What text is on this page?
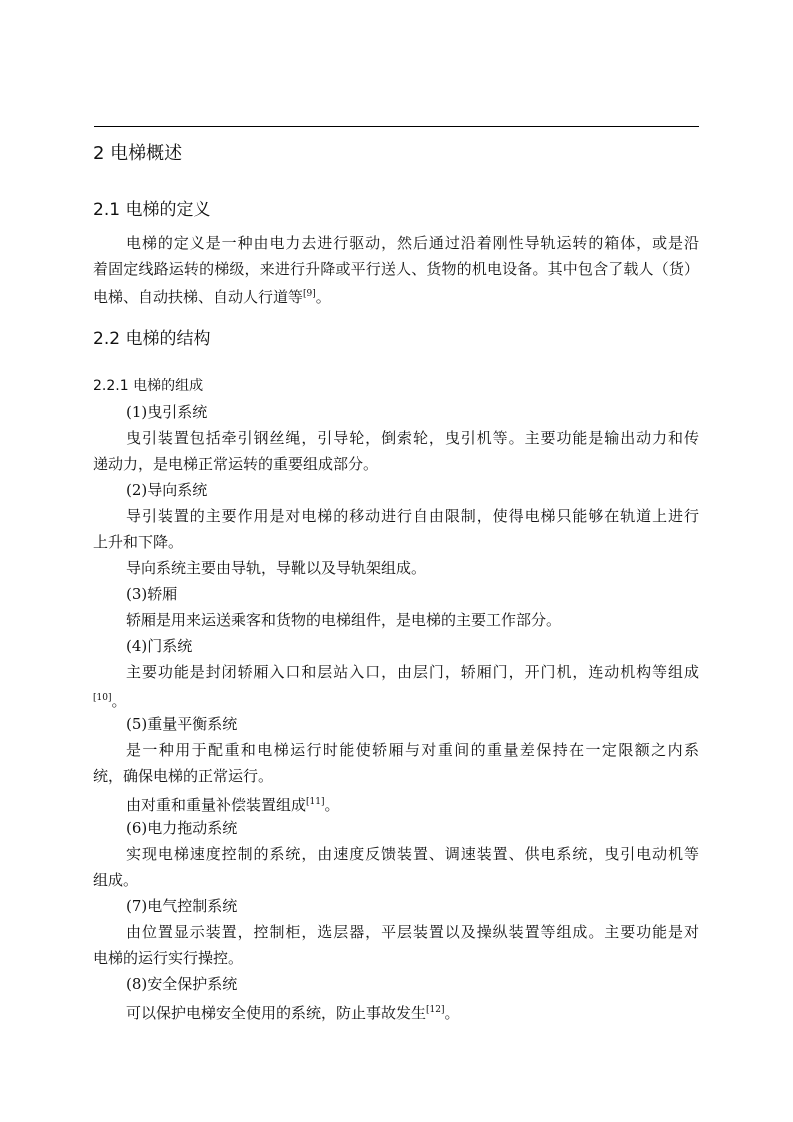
2 电梯概述
2.1 电梯的定义
电梯的定义是一种由电力去进行驱动，然后通过沿着刚性导轨运转的箱体，或是沿
着固定线路运转的梯级，来进行升降或平行送人、货物的机电设备。其中包含了载人（货）
电梯、自动扶梯、自动人行道等[9]。
2.2 电梯的结构
2.2.1 电梯的组成
(1)曳引系统
曳引装置包括牵引钢丝绳，引导轮，倒索轮，曳引机等。主要功能是输出动力和传
递动力，是电梯正常运转的重要组成部分。
(2)导向系统
导引装置的主要作用是对电梯的移动进行自由限制，使得电梯只能够在轨道上进行
上升和下降。
导向系统主要由导轨，导靴以及导轨架组成。
(3)轿厢
轿厢是用来运送乘客和货物的电梯组件，是电梯的主要工作部分。
(4)门系统
主要功能是封闭轿厢入口和层站入口，由层门，轿厢门，开门机，连动机构等组成
[10]。
(5)重量平衡系统
是一种用于配重和电梯运行时能使轿厢与对重间的重量差保持在一定限额之内系
统，确保电梯的正常运行。
由对重和重量补偿装置组成[11]。
(6)电力拖动系统
实现电梯速度控制的系统，由速度反馈装置、调速装置、供电系统，曳引电动机等
组成。
(7)电气控制系统
由位置显示装置，控制柜，选层器，平层装置以及操纵装置等组成。主要功能是对
电梯的运行实行操控。
(8)安全保护系统
可以保护电梯安全使用的系统，防止事故发生[12]。
